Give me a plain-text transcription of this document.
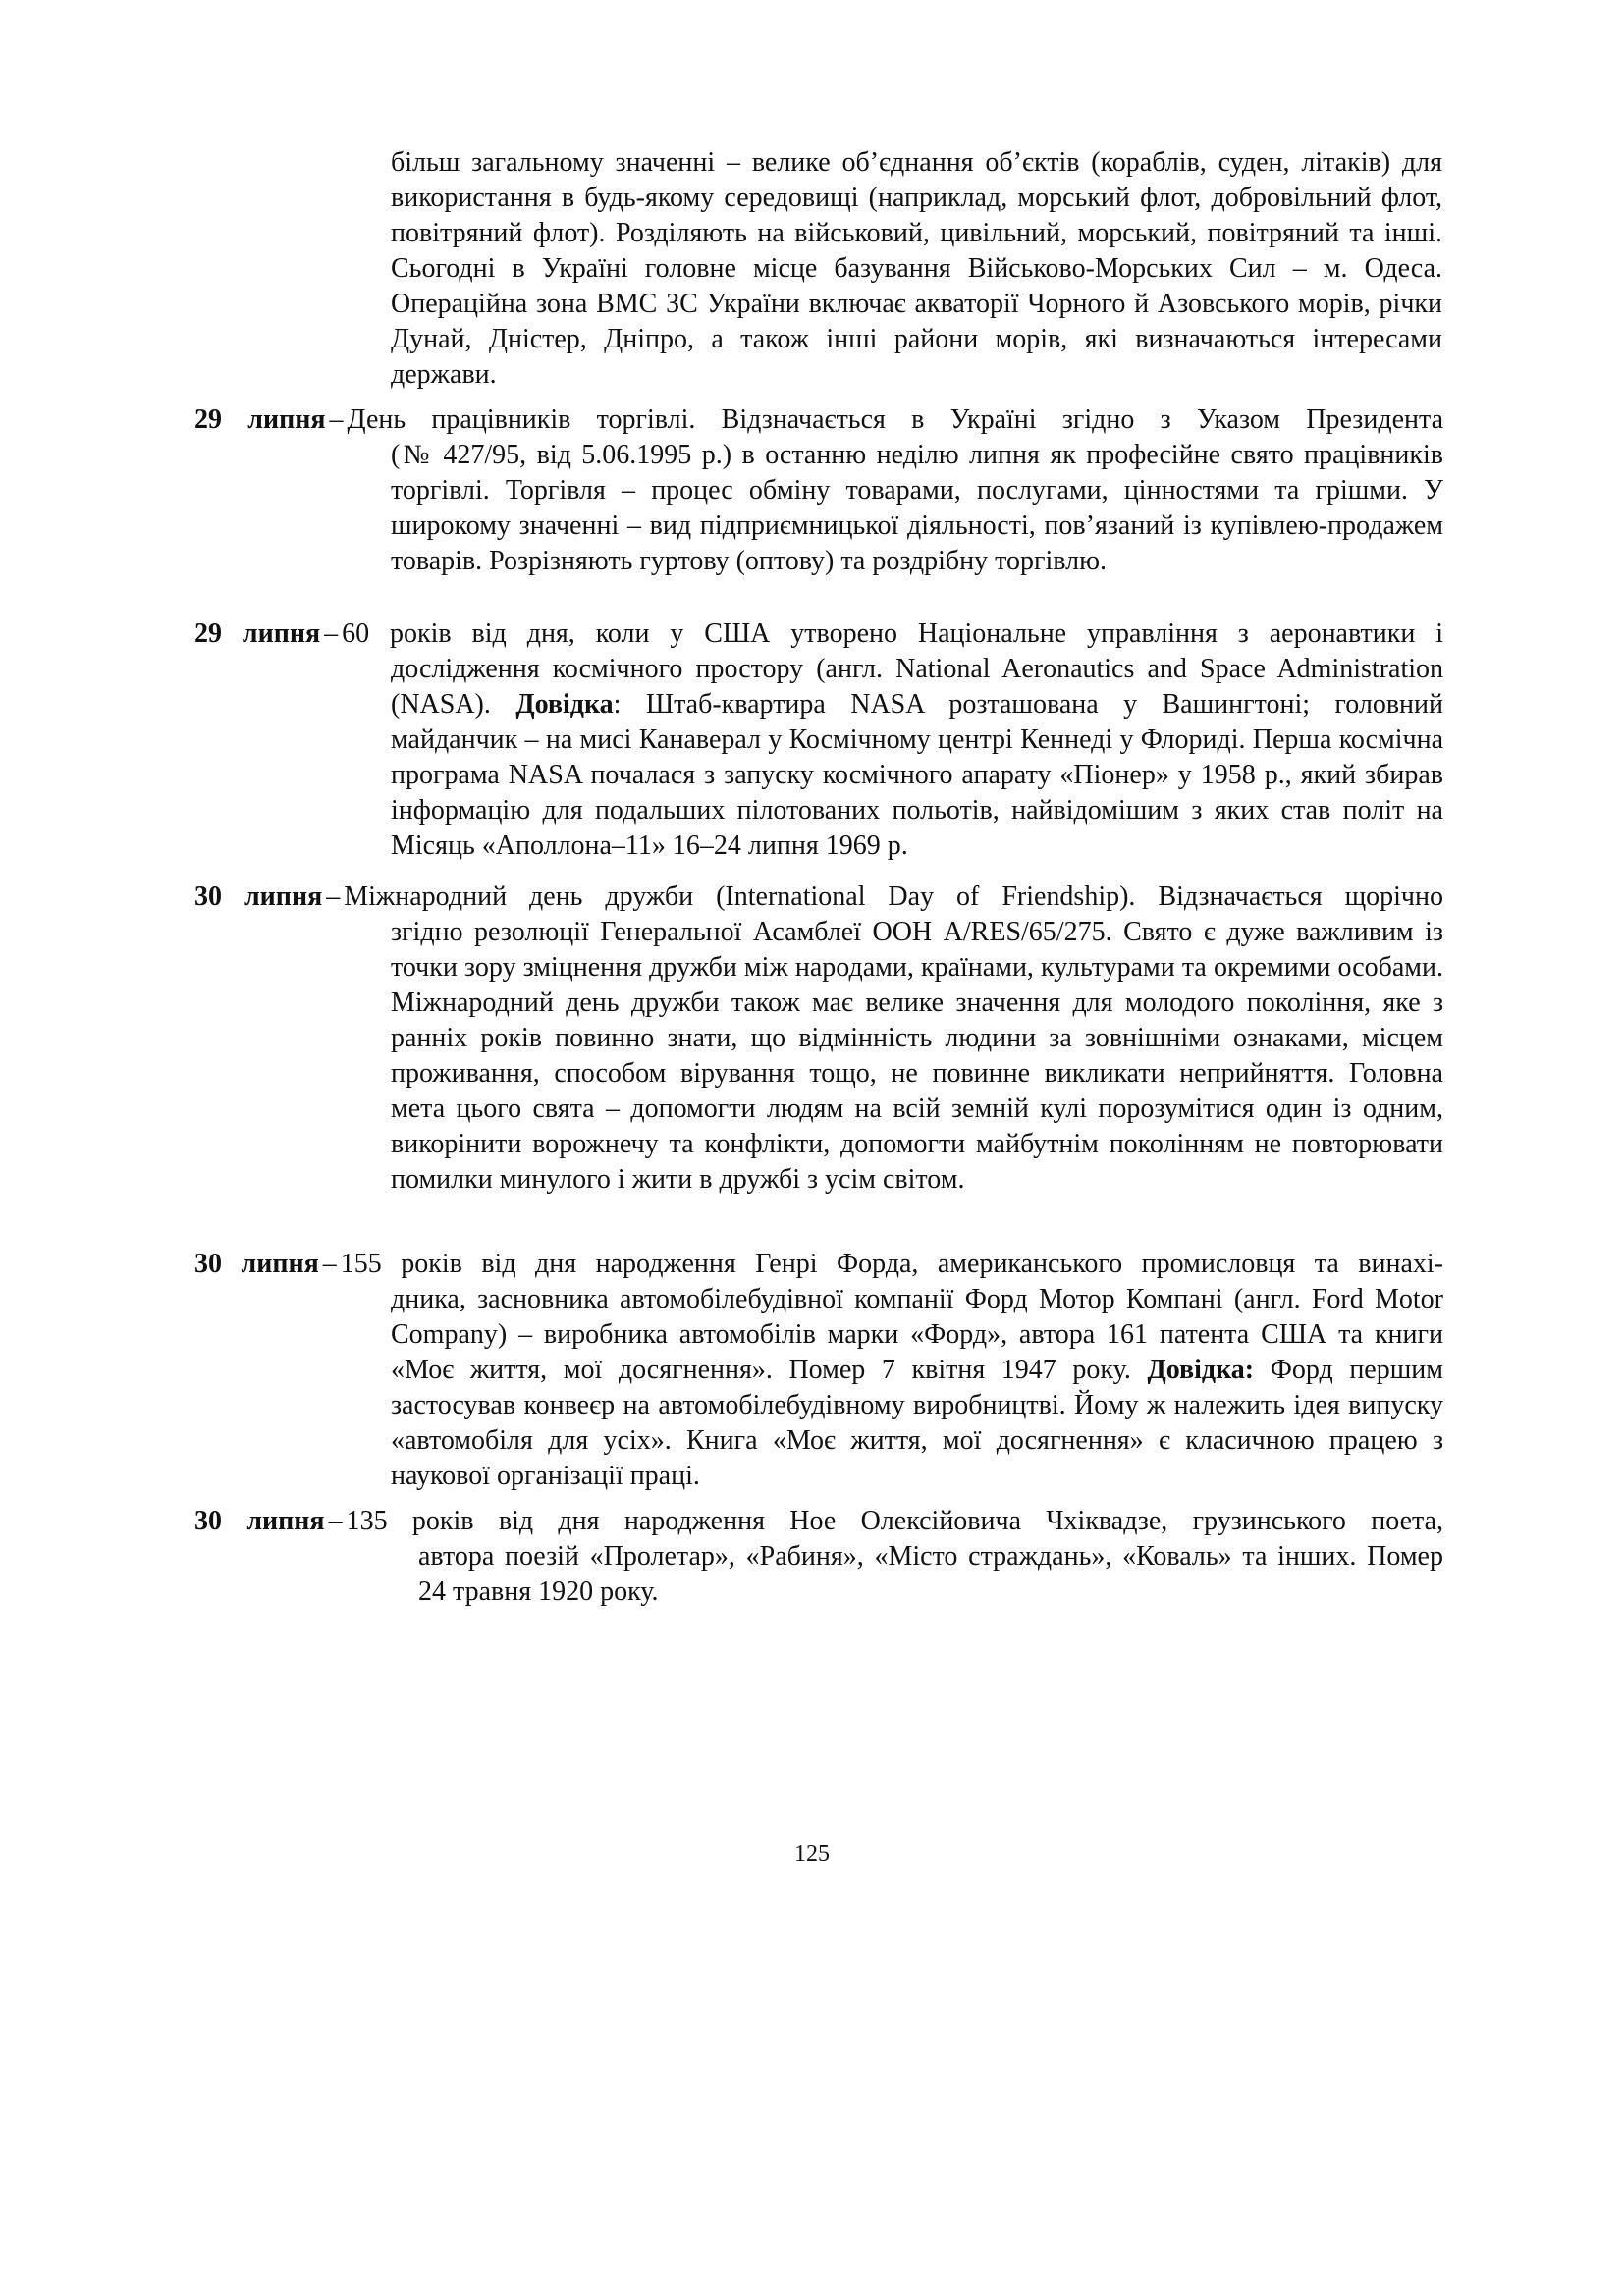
більш загальному значенні – велике об’єднання об’єктів (кораблів, суден, літаків) для використання в будь-якому середовищі (наприклад, морський флот, добровільний флот, повітряний флот). Розділяють на військовий, цивільний, морський, повітряний та інші. Сьогодні в Україні головне місце базування Військово-Морських Сил – м. Одеса. Операційна зона ВМС ЗС України включає акваторії Чорного й Азовського морів, річки Дунай, Дністер, Дніпро, а також інші райони морів, які визначаються інтересами держави.

29 липня – День працівників торгівлі. Відзначається в Україні згідно з Указом Президента
(№ 427/95, від 5.06.1995 р.) в останню неділю липня як професійне свято працівників торгівлі. Торгівля – процес обміну товарами, послугами, цінностями та грішми. У широкому значенні – вид підприємницької діяльності, пов’язаний із купівлею-продажем товарів. Розрізняють гуртову (оптову) та роздрібну торгівлю.
29 липня – 60 років від дня, коли у США утворено Національне управління з аеронавтики і
дослідження космічного простору (англ. National Aeronautics and Space Administration (NASA). Довідка: Штаб-квартира NASA розташована у Вашингтоні; головний майданчик – на мисі Канаверал у Космічному центрі Кеннеді у Флориді. Перша космічна програма NASA почалася з запуску космічного апарату «Піонер» у 1958 р., який збирав інформацію для подальших пілотованих польотів, найвідомішим з яких став політ на Місяць «Аполлона–11» 16–24 липня 1969 р.
30 липня – Міжнародний день дружби (International Day of Friendship). Відзначається щорічно
згідно резолюції Генеральної Асамблеї ООН A/RES/65/275. Свято є дуже важливим із точки зору зміцнення дружби між народами, країнами, культурами та окремими особами. Міжнародний день дружби також має велике значення для молодого покоління, яке з ранніх років повинно знати, що відмінність людини за зовнішніми ознаками, місцем проживання, способом вірування тощо, не повинне викликати неприйняття. Головна мета цього свята – допомогти людям на всій земній кулі порозумітися один із одним, викорінити ворожнечу та конфлікти, допомогти майбутнім поколінням не повторювати помилки минулого і жити в дружбі з усім світом.
30 липня – 155 років від дня народження Генрі Форда, американського промисловця та винахі-
дника, засновника автомобілебудівної компанії Форд Мотор Компані (англ. Ford Motor Company) – виробника автомобілів марки «Форд», автора 161 патента США та книги «Моє життя, мої досягнення». Помер 7 квітня 1947 року. Довідка: Форд першим застосував конвеєр на автомобілебудівному виробництві. Йому ж належить ідея випуску «автомобіля для усіх». Книга «Моє життя, мої досягнення» є класичною працею з наукової організації праці.
30 липня – 135 років від дня народження Ное Олексійовича Чхіквадзе, грузинського поета,
автора поезій «Пролетар», «Рабиня», «Місто страждань», «Коваль» та інших. Помер 24 травня 1920 року.
125
